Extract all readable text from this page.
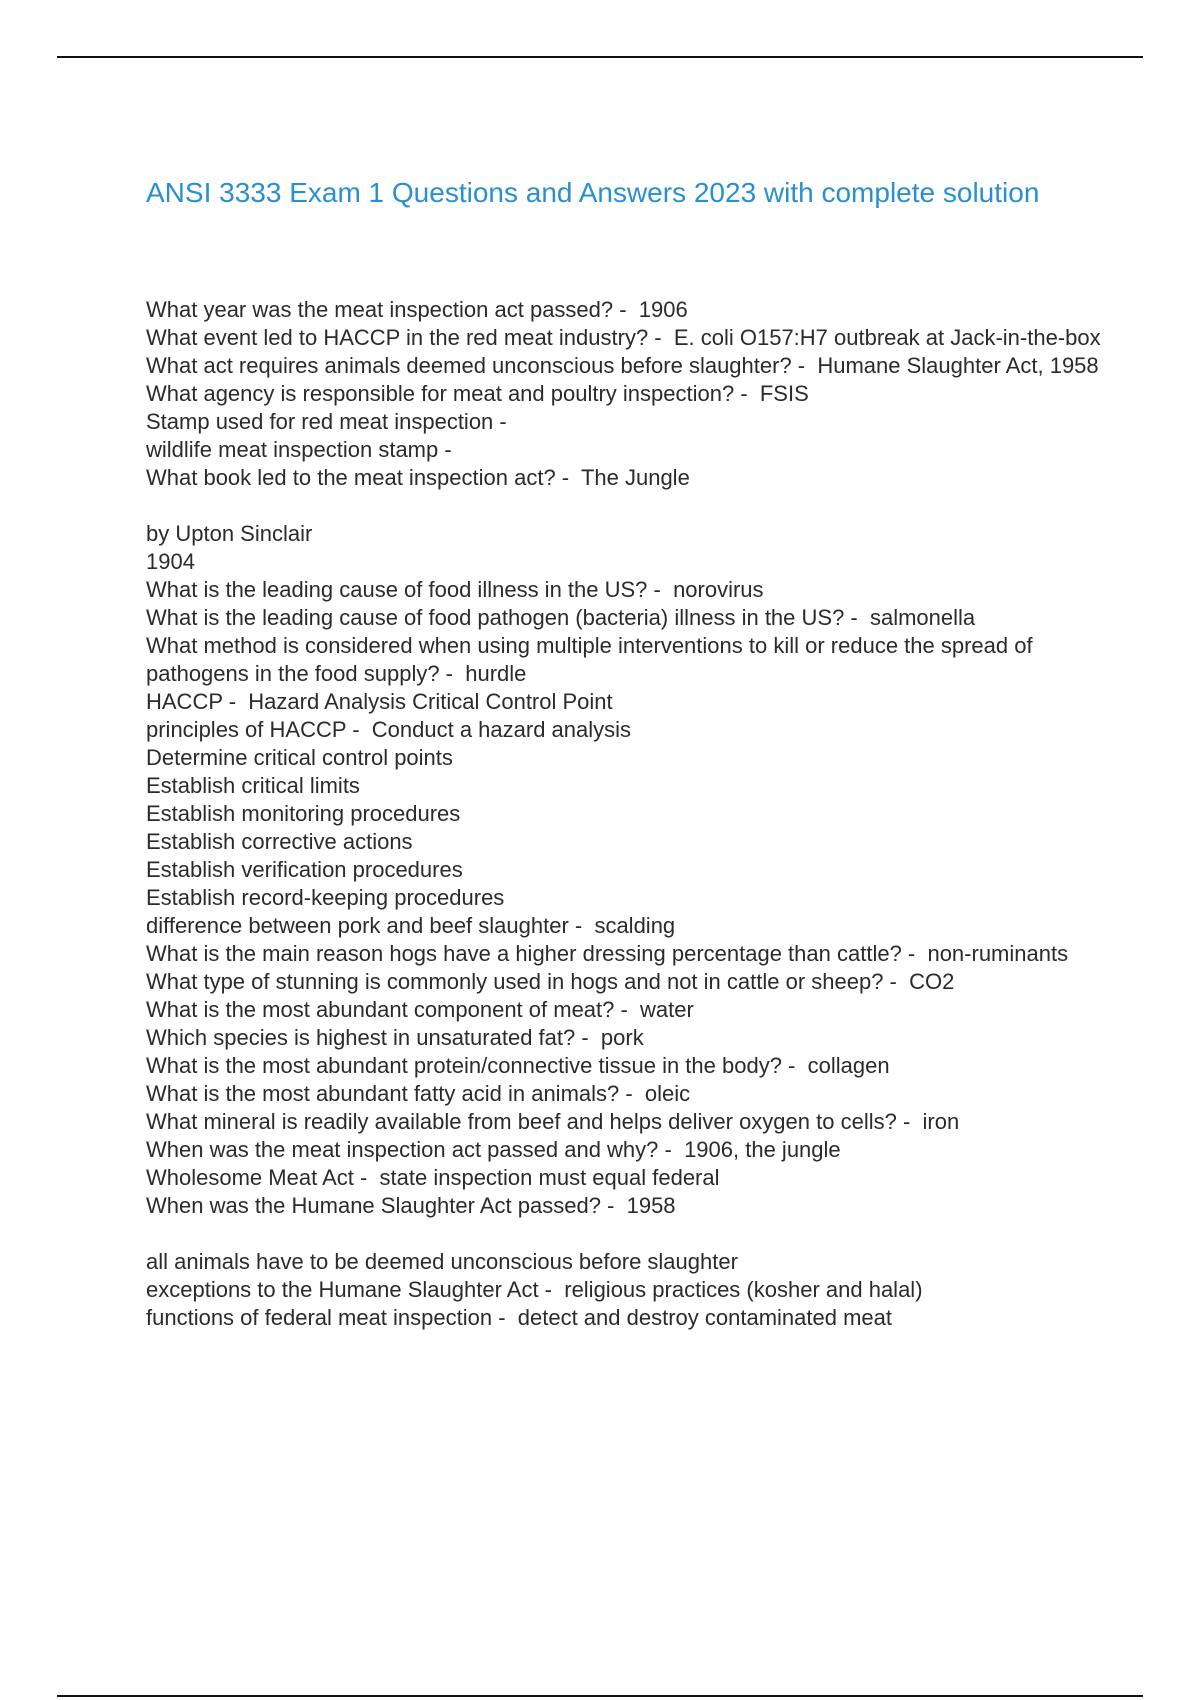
ANSI 3333 Exam 1 Questions and Answers 2023 with complete solution

What year was the meat inspection act passed? -  1906

What event led to HACCP in the red meat industry? -  E. coli O157:H7 outbreak at Jack-in-the-box

What act requires animals deemed unconscious before slaughter? -  Humane Slaughter Act, 1958

What agency is responsible for meat and poultry inspection? -  FSIS

Stamp used for red meat inspection -

wildlife meat inspection stamp -

What book led to the meat inspection act? -  The Jungle

by Upton Sinclair

1904

What is the leading cause of food illness in the US? -  norovirus

What is the leading cause of food pathogen (bacteria) illness in the US? -  salmonella

What method is considered when using multiple interventions to kill or reduce the spread of pathogens in the food supply? -  hurdle

HACCP -  Hazard Analysis Critical Control Point

principles of HACCP -  Conduct a hazard analysis

Determine critical control points

Establish critical limits

Establish monitoring procedures

Establish corrective actions

Establish verification procedures

Establish record-keeping procedures

difference between pork and beef slaughter -  scalding

What is the main reason hogs have a higher dressing percentage than cattle? -  non-ruminants

What type of stunning is commonly used in hogs and not in cattle or sheep? -  CO2

What is the most abundant component of meat? -  water

Which species is highest in unsaturated fat? -  pork

What is the most abundant protein/connective tissue in the body? -  collagen

What is the most abundant fatty acid in animals? -  oleic

What mineral is readily available from beef and helps deliver oxygen to cells? -  iron

When was the meat inspection act passed and why? -  1906, the jungle

Wholesome Meat Act -  state inspection must equal federal

When was the Humane Slaughter Act passed? -  1958

all animals have to be deemed unconscious before slaughter

exceptions to the Humane Slaughter Act -  religious practices (kosher and halal)

functions of federal meat inspection -  detect and destroy contaminated meat
